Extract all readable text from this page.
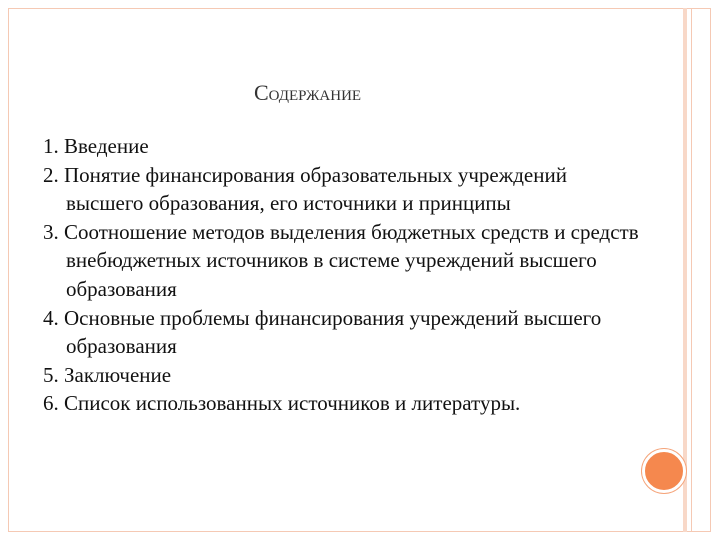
Содержание
1. Введение
2. Понятие финансирования образовательных учреждений высшего образования, его источники и принципы
3. Соотношение методов выделения бюджетных средств и средств внебюджетных источников в системе учреждений высшего образования
4. Основные проблемы финансирования учреждений высшего образования
5. Заключение
6. Список использованных источников и литературы.
